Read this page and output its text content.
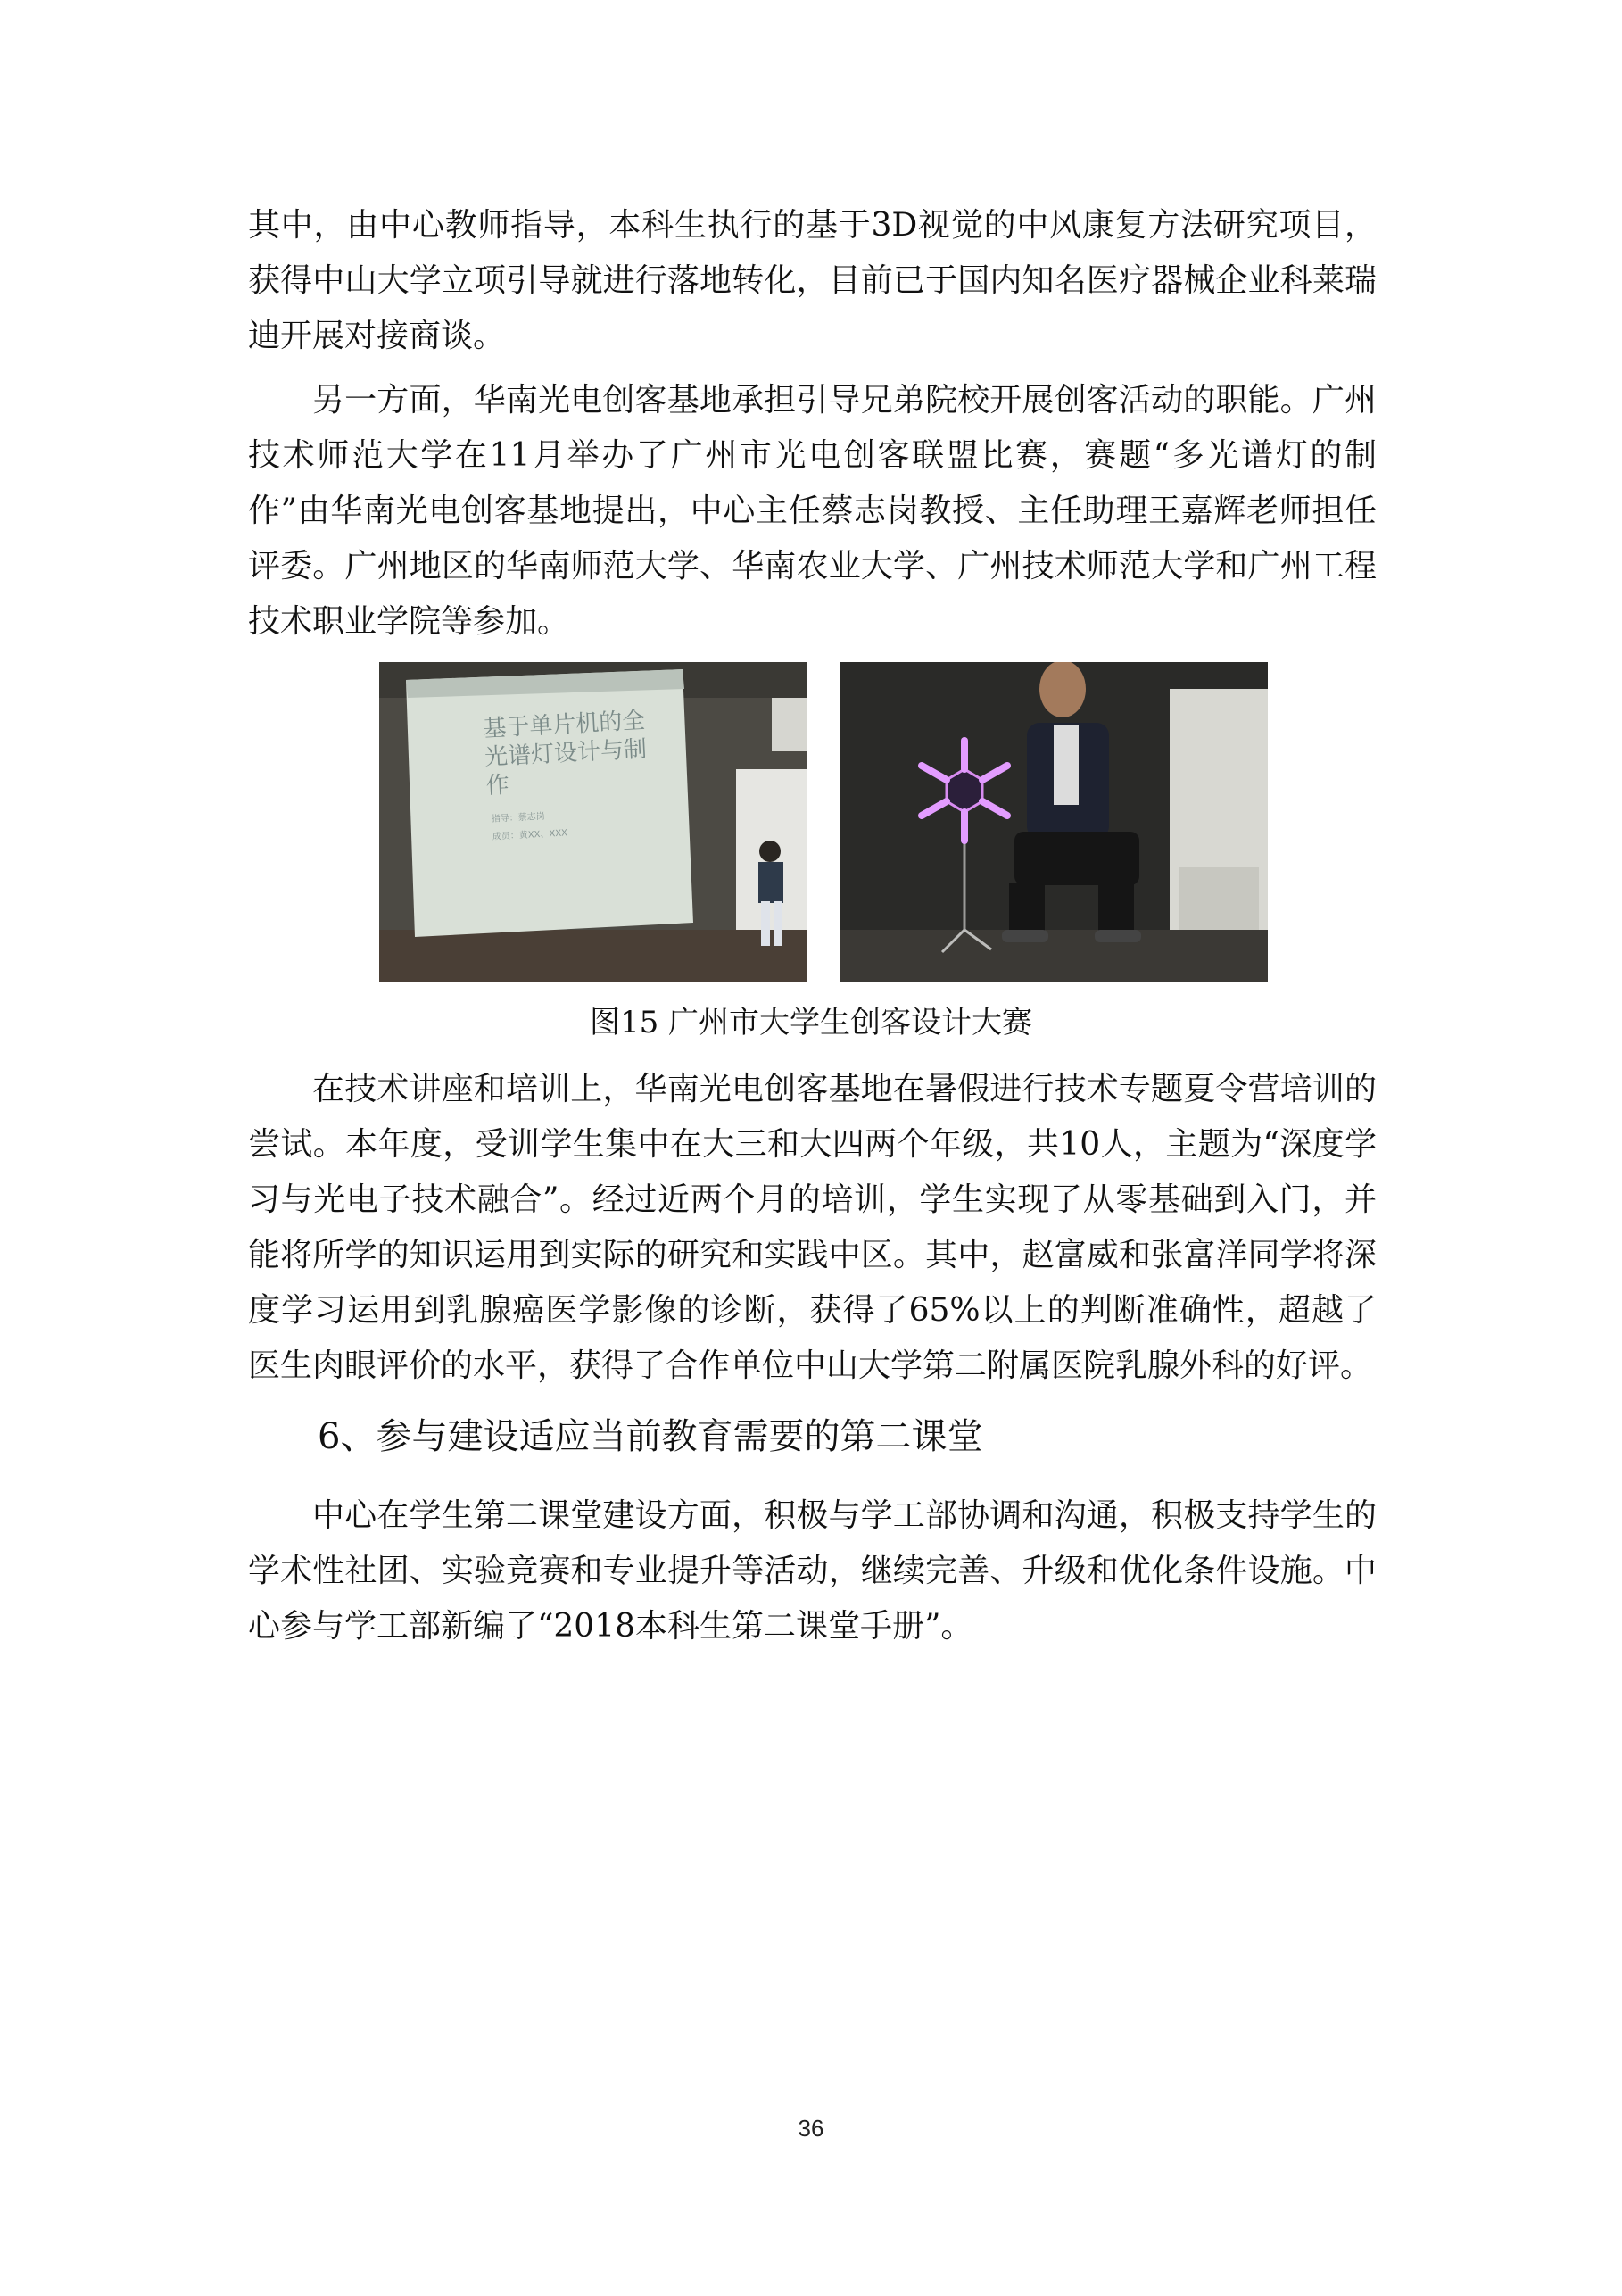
其中，由中心教师指导，本科生执行的基于3D视觉的中风康复方法研究项目，获得中山大学立项引导就进行落地转化，目前已于国内知名医疗器械企业科莱瑞迪开展对接商谈。

另一方面，华南光电创客基地承担引导兄弟院校开展创客活动的职能。广州技术师范大学在11月举办了广州市光电创客联盟比赛，赛题“多光谱灯的制作”由华南光电创客基地提出，中心主任蔡志岗教授、主任助理王嘉辉老师担任评委。广州地区的华南师范大学、华南农业大学、广州技术师范大学和广州工程技术职业学院等参加。

基于单片机的全
光谱灯设计与制
作
指导：蔡志岗
成员：黄XX、XXX
图15 广州市大学生创客设计大赛

在技术讲座和培训上，华南光电创客基地在暑假进行技术专题夏令营培训的尝试。本年度，受训学生集中在大三和大四两个年级，共10人，主题为“深度学习与光电子技术融合”。经过近两个月的培训，学生实现了从零基础到入门，并能将所学的知识运用到实际的研究和实践中区。其中，赵富威和张富洋同学将深度学习运用到乳腺癌医学影像的诊断，获得了65%以上的判断准确性，超越了医生肉眼评价的水平，获得了合作单位中山大学第二附属医院乳腺外科的好评。

6、参与建设适应当前教育需要的第二课堂

中心在学生第二课堂建设方面，积极与学工部协调和沟通，积极支持学生的学术性社团、实验竞赛和专业提升等活动，继续完善、升级和优化条件设施。中心参与学工部新编了“2018本科生第二课堂手册”。

36
